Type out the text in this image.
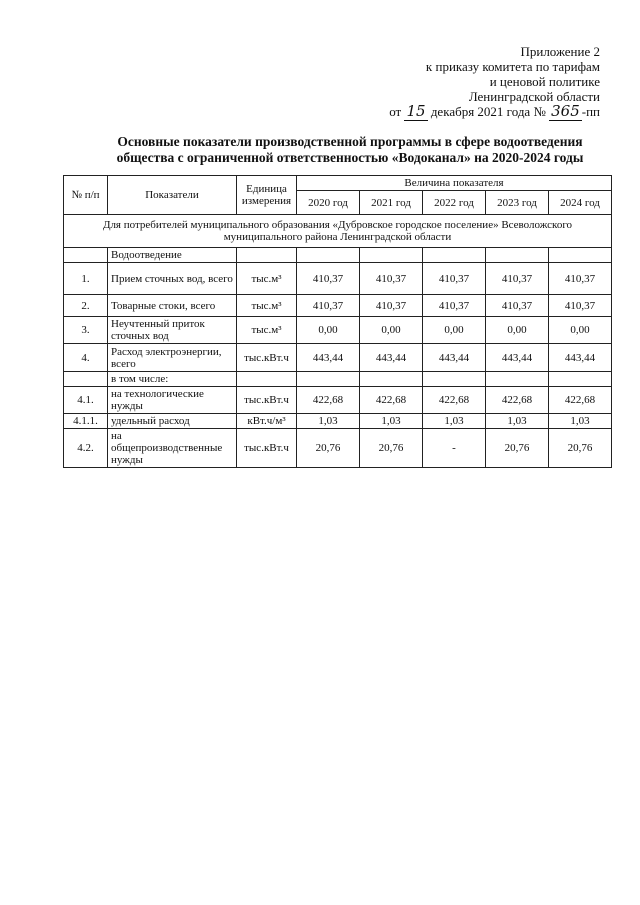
Приложение 2
к приказу комитета по тарифам
и ценовой политике
Ленинградской области
от 15 декабря 2021 года № 365 -пп
Основные показатели производственной программы в сфере водоотведения
общества с ограниченной ответственностью «Водоканал» на 2020-2024 годы
№ п/п	Показатели	Единица измерения	Величина показателя				
			2020 год	2021 год	2022 год	2023 год	2024 год
Для потребителей муниципального образования «Дубровское городское поселение» Всеволожского муниципального района Ленинградской области							
	Водоотведение						
1.	Прием сточных вод, всего	тыс.м³	410,37	410,37	410,37	410,37	410,37
2.	Товарные стоки, всего	тыс.м³	410,37	410,37	410,37	410,37	410,37
3.	Неучтенный приток сточных вод	тыс.м³	0,00	0,00	0,00	0,00	0,00
4.	Расход электроэнергии, всего	тыс.кВт.ч	443,44	443,44	443,44	443,44	443,44
	в том числе:						
4.1.	на технологические нужды	тыс.кВт.ч	422,68	422,68	422,68	422,68	422,68
4.1.1.	удельный расход	кВт.ч/м³	1,03	1,03	1,03	1,03	1,03
4.2.	на общепроизводственные нужды	тыс.кВт.ч	20,76	20,76	-	20,76	20,76
